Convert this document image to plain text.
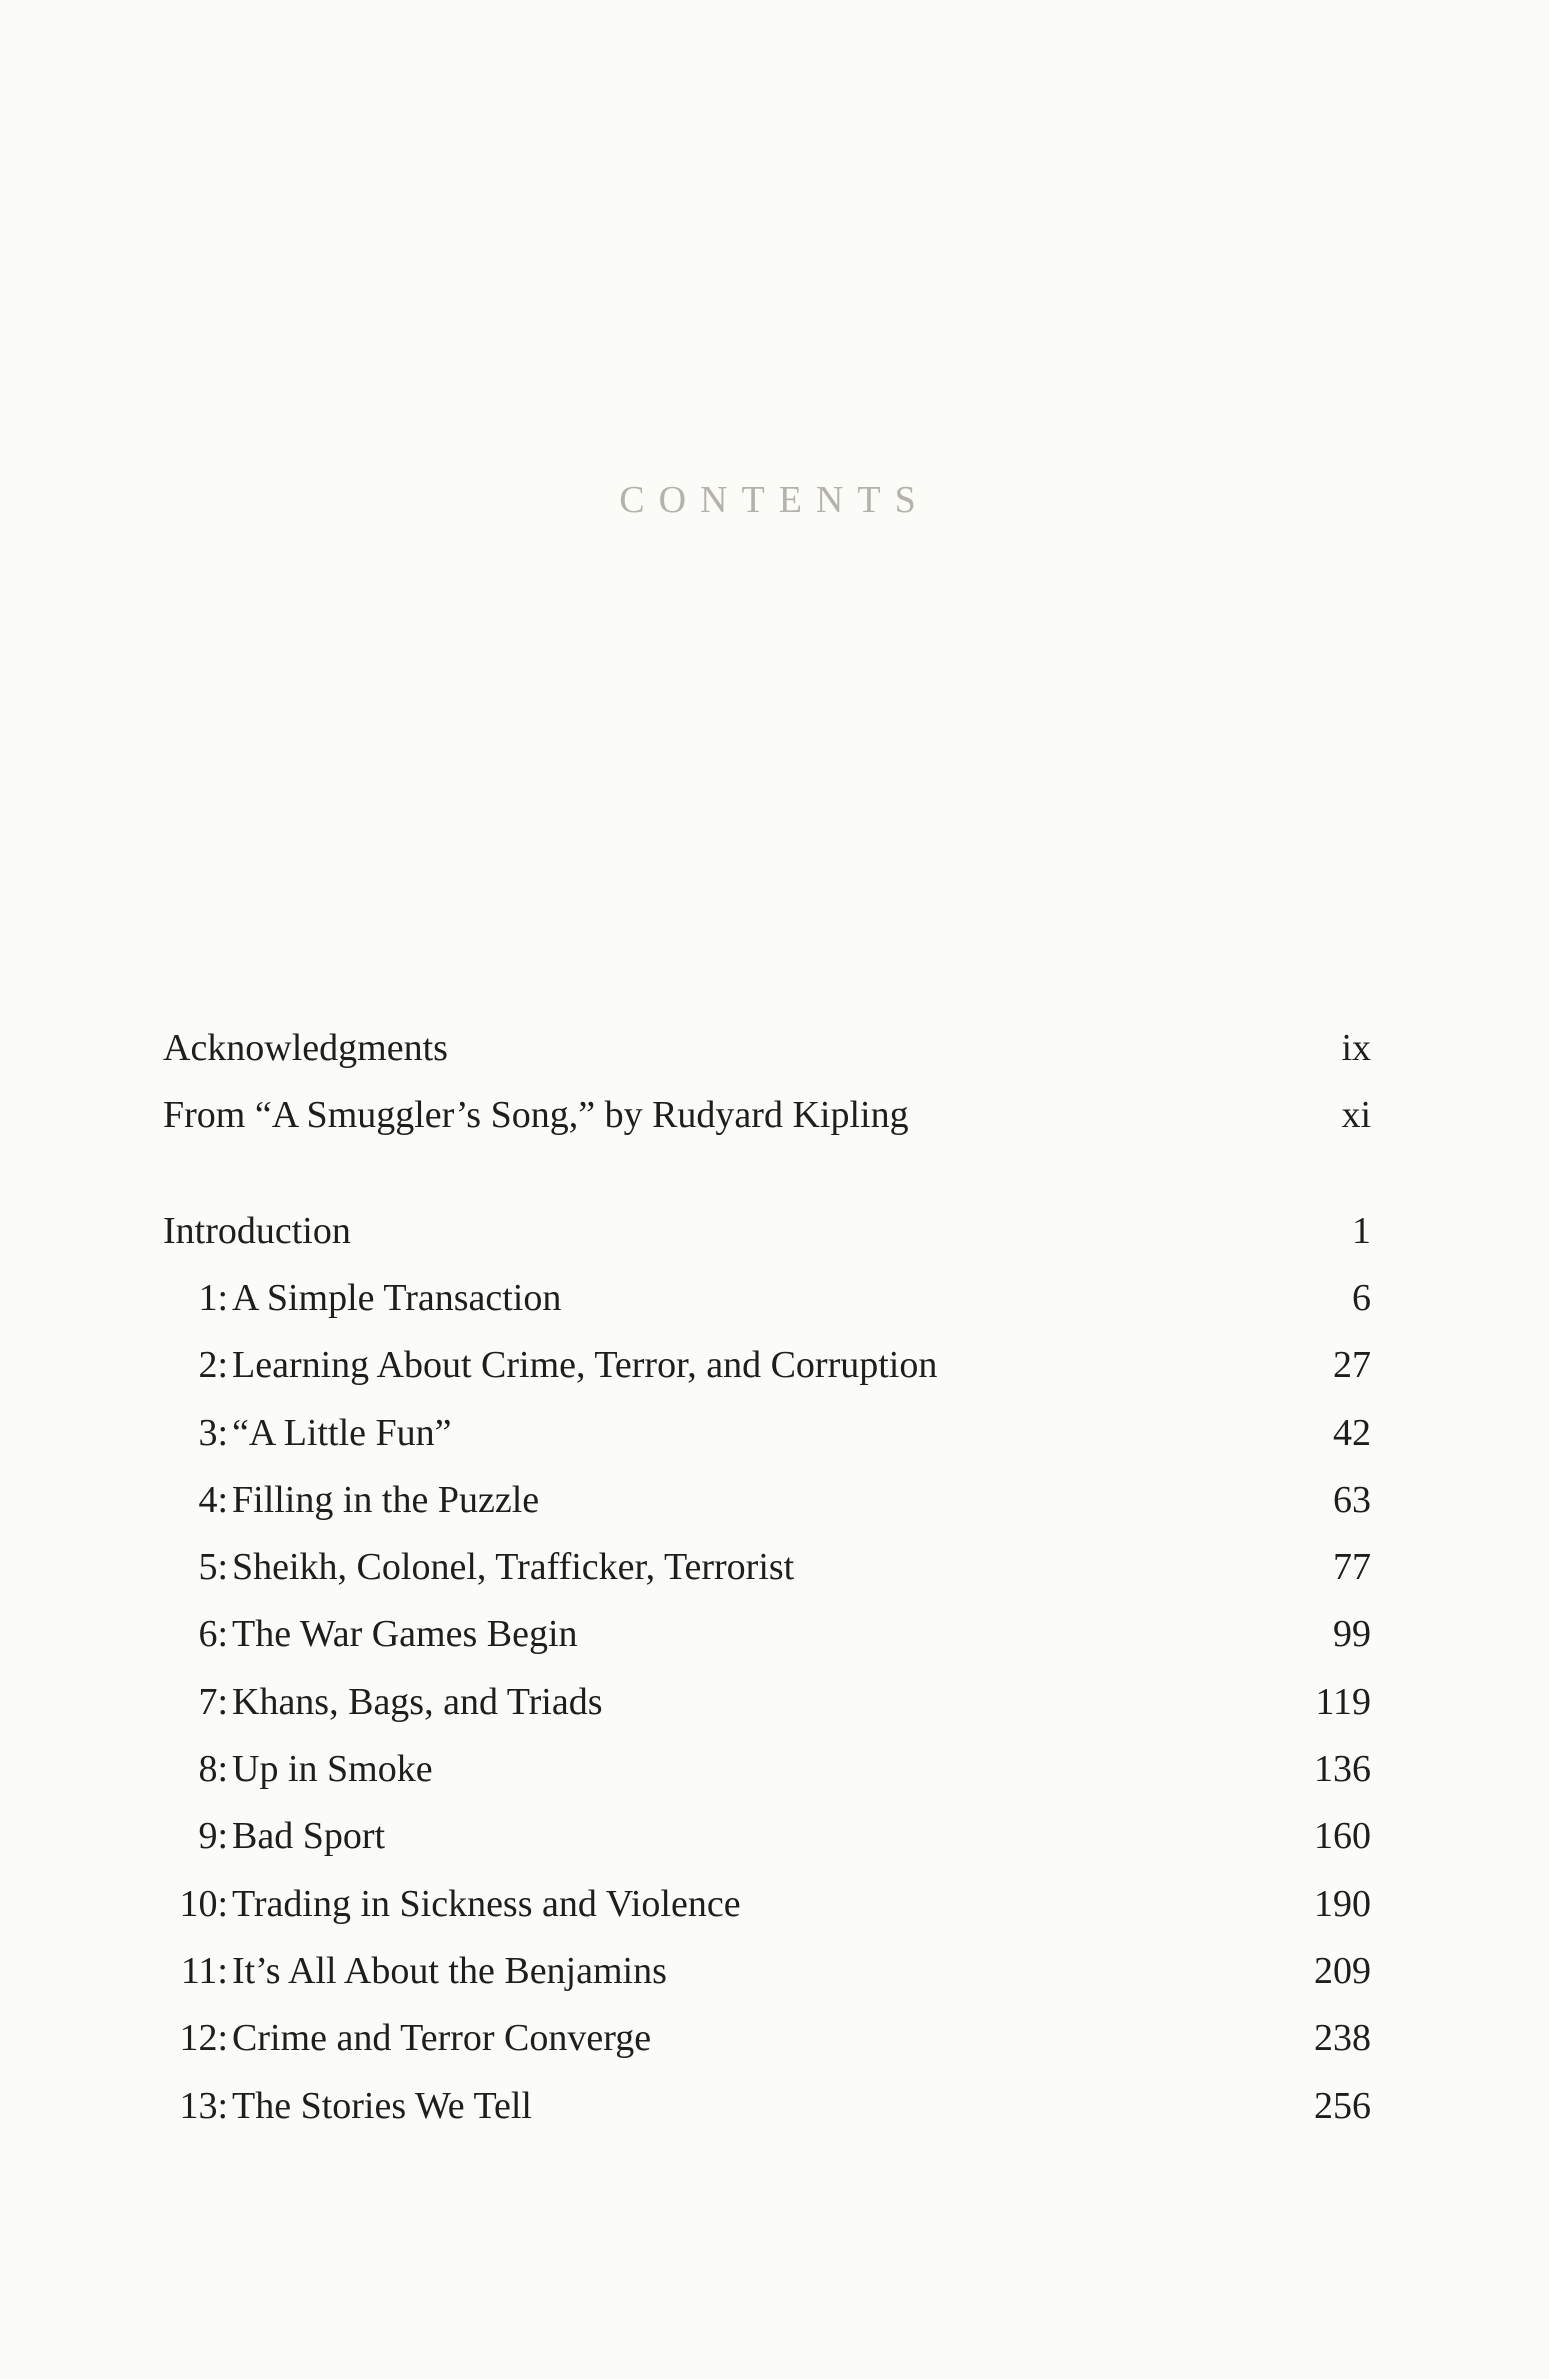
CONTENTS
Acknowledgments	ix
From “A Smuggler’s Song,” by Rudyard Kipling	xi
Introduction	1
1: A Simple Transaction	6
2: Learning About Crime, Terror, and Corruption	27
3: “A Little Fun”	42
4: Filling in the Puzzle	63
5: Sheikh, Colonel, Trafficker, Terrorist	77
6: The War Games Begin	99
7: Khans, Bags, and Triads	119
8: Up in Smoke	136
9: Bad Sport	160
10: Trading in Sickness and Violence	190
11: It’s All About the Benjamins	209
12: Crime and Terror Converge	238
13: The Stories We Tell	256
